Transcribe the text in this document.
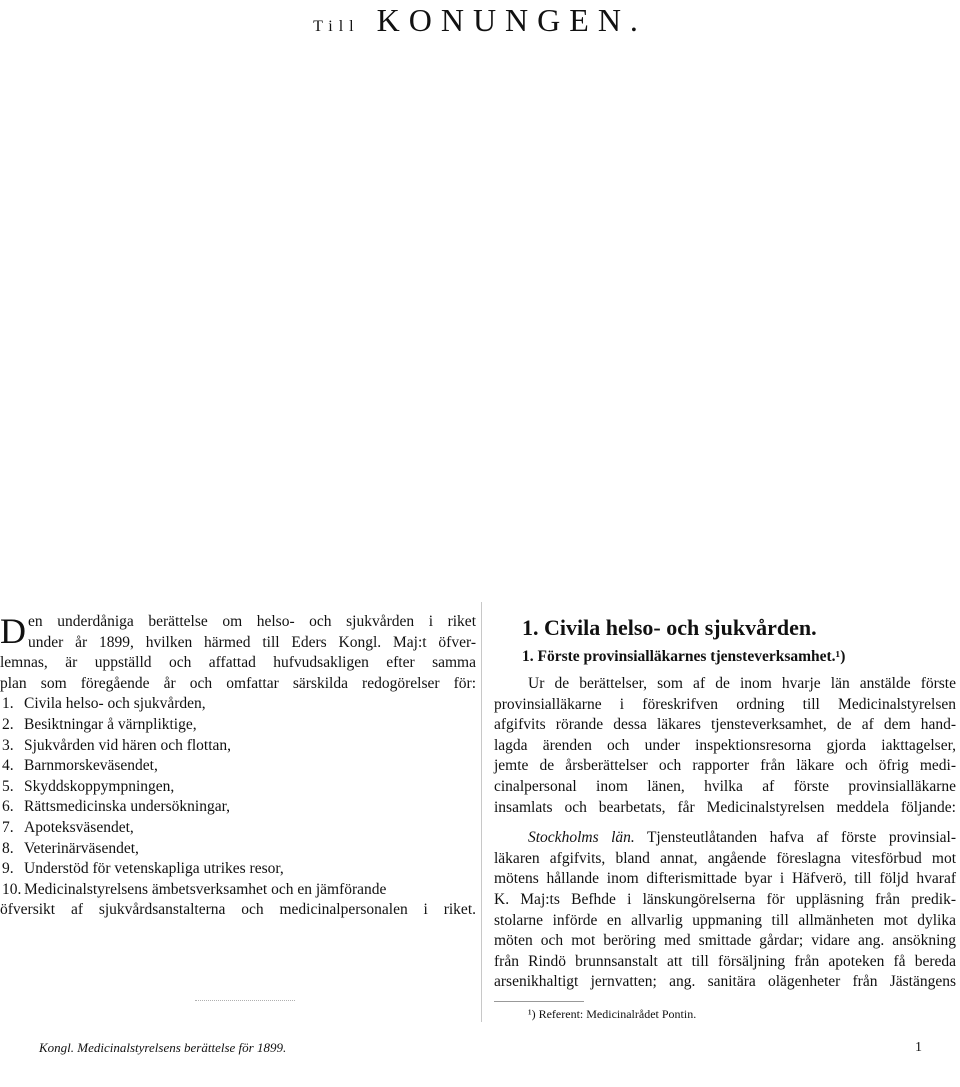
Till KONUNGEN.
D en underdåniga berättelse om helso- och sjukvården i riket

under år 1899, hvilken härmed till Eders Kongl. Maj:t öfver-

lemnas, är uppställd och affattad hufvudsakligen efter samma

plan som föregående år och omfattar särskilda redogörelser för:

1. Civila helso- och sjukvården,
2. Besiktningar å värnpliktige,
3. Sjukvården vid hären och flottan,
4. Barnmorskeväsendet,
5. Skyddskoppympningen,
6. Rättsmedicinska undersökningar,
7. Apoteksväsendet,
8. Veterinärväsendet,
9. Understöd för vetenskapliga utrikes resor,
10. Medicinalstyrelsens ämbetsverksamhet och en jämförande

öfversikt af sjukvårdsanstalterna och medicinalpersonalen i riket.

1. Civila helso- och sjukvården.
1. Förste provinsialläkarnes tjensteverksamhet.¹)

Ur de berättelser, som af de inom hvarje län anstälde förste

provinsialläkarne i föreskrifven ordning till Medicinalstyrelsen

afgifvits rörande dessa läkares tjensteverksamhet, de af dem hand-

lagda ärenden och under inspektionsresorna gjorda iakttagelser,

jemte de årsberättelser och rapporter från läkare och öfrig medi-

cinalpersonal inom länen, hvilka af förste provinsialläkarne

insamlats och bearbetats, får Medicinalstyrelsen meddela följande:

Stockholms län. Tjensteutlåtanden hafva af förste provinsial-

läkaren afgifvits, bland annat, angående föreslagna vitesförbud mot

mötens hållande inom difterismittade byar i Häfverö, till följd hvaraf

K. Maj:ts Befhde i länskungörelserna för uppläsning från predik-

stolarne införde en allvarlig uppmaning till allmänheten mot dylika

möten och mot beröring med smittade gårdar; vidare ang. ansökning

från Rindö brunnsanstalt att till försäljning från apoteken få bereda

arsenikhaltigt jernvatten; ang. sanitära olägenheter från Jästängens

¹) Referent: Medicinalrådet Pontin.
Kongl. Medicinalstyrelsens berättelse för 1899.	1
